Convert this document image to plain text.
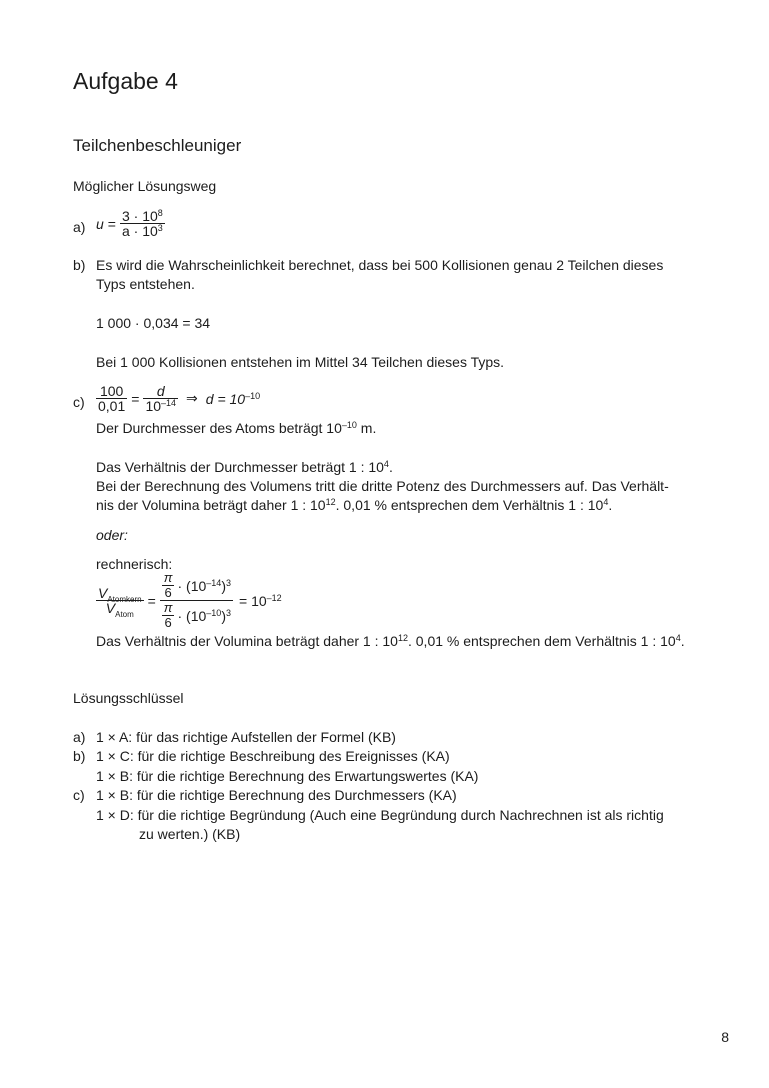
Aufgabe 4
Teilchenbeschleuniger
Möglicher Lösungsweg
a) $u = \frac{3 \cdot 10^8}{a \cdot 10^3}$
b) Es wird die Wahrscheinlichkeit berechnet, dass bei 500 Kollisionen genau 2 Teilchen dieses
Typs entstehen.
1 000 · 0,034 = 34
Bei 1 000 Kollisionen entstehen im Mittel 34 Teilchen dieses Typs.
$c) \frac{100}{0,01} = \frac{d}{10^{-14}}$ ⇒ $d = 10^{-10}$
Der Durchmesser des Atoms beträgt $10^{-10}$ m.
Das Verhältnis der Durchmesser beträgt 1 : $10^4$.
Bei der Berechnung des Volumens tritt die dritte Potenz des Durchmessers auf. Das Verhält-
nis der Volumina beträgt daher 1 : $10^{12}$. 0,01 % entsprechen dem Verhältnis 1 : $10^4$.
oder:
rechnerisch:
$\frac{V_{Atomkern}}{V_{Atom}} = \frac{\frac{\pi}{6} \cdot (10^{-14})^3}{\frac{\pi}{6} \cdot (10^{-10})^3} = 10^{-12}$
Das Verhältnis der Volumina beträgt daher 1 : $10^{12}$. 0,01 % entsprechen dem Verhältnis 1 : $10^4$.
Lösungsschlüssel
a) 1 × A: für das richtige Aufstellen der Formel (KB)
b) 1 × C: für die richtige Beschreibung des Ereignisses (KA)
1 × B: für die richtige Berechnung des Erwartungswertes (KA)
c) 1 × B: für die richtige Berechnung des Durchmessers (KA)
1 × D: für die richtige Begründung (Auch eine Begründung durch Nachrechnen ist als richtig
zu werten.) (KB)
8
